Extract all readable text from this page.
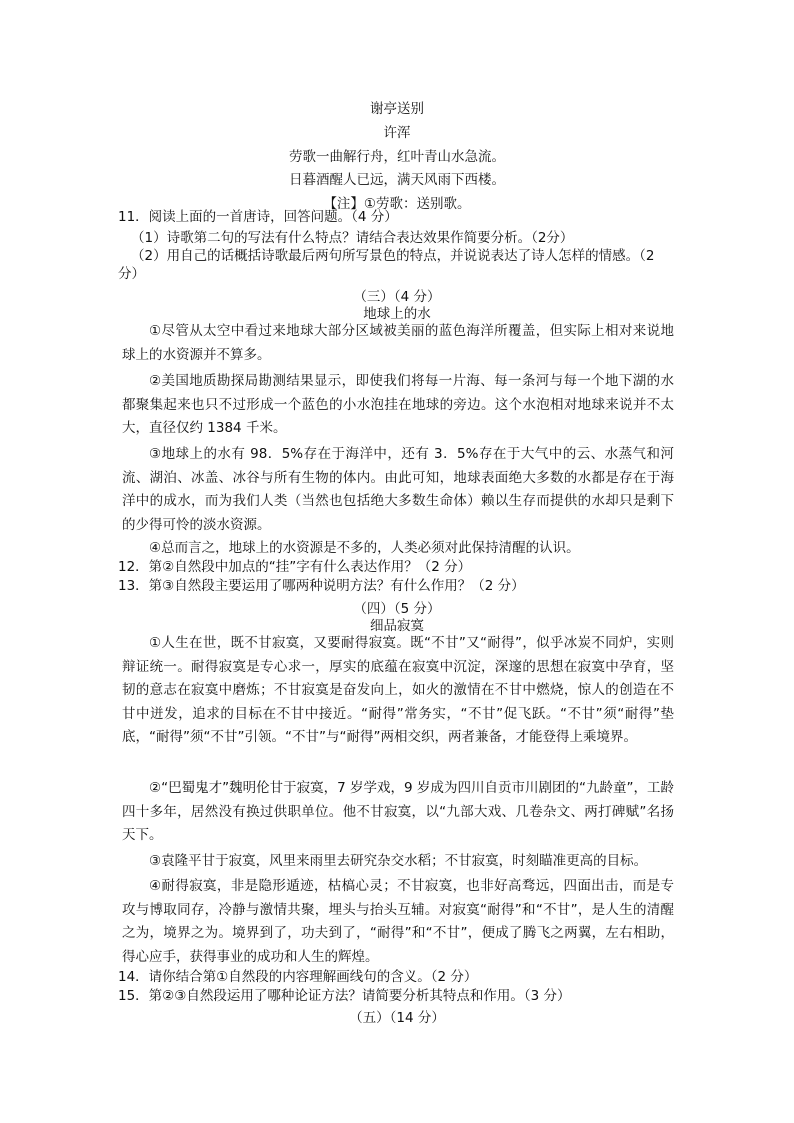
谢亭送别
许浑
劳歌一曲解行舟，红叶青山水急流。
日暮酒醒人已远，满天风雨下西楼。
【注】①劳歌：送别歌。
11．阅读上面的一首唐诗，回答问题。（4 分）
（1）诗歌第二句的写法有什么特点？请结合表达效果作简要分析。（2分）
（2）用自己的话概括诗歌最后两句所写景色的特点，并说说表达了诗人怎样的情感。（2
分）
（三）（4 分）
地球上的水
①尽管从太空中看过来地球大部分区域被美丽的蓝色海洋所覆盖，但实际上相对来说地球上的水资源并不算多。
②美国地质勘探局勘测结果显示，即使我们将每一片海、每一条河与每一个地下湖的水都聚集起来也只不过形成一个蓝色的小水泡挂在地球的旁边。这个水泡相对地球来说并不太大，直径仅约 1384 千米。
③地球上的水有 98．5%存在于海洋中，还有 3．5%存在于大气中的云、水蒸气和河流、湖泊、冰盖、冰谷与所有生物的体内。由此可知，地球表面绝大多数的水都是存在于海洋中的成水，而为我们人类（当然也包括绝大多数生命体）赖以生存而提供的水却只是剩下的少得可怜的淡水资源。
④总而言之，地球上的水资源是不多的，人类必须对此保持清醒的认识。
12．第②自然段中加点的“挂”字有什么表达作用？（2 分）
13．第③自然段主要运用了哪两种说明方法？有什么作用？（2 分）
（四）（5 分）
细品寂寞
①人生在世，既不甘寂寞，又要耐得寂寞。既“不甘”又“耐得”，似乎冰炭不同炉，实则辩证统一。耐得寂寞是专心求一，厚实的底蕴在寂寞中沉淀，深邃的思想在寂寞中孕育，坚韧的意志在寂寞中磨炼；不甘寂寞是奋发向上，如火的激情在不甘中燃烧，惊人的创造在不甘中迸发，追求的目标在不甘中接近。“耐得”常务实，“不甘”促飞跃。“不甘”须“耐得”垫底，“耐得”须“不甘”引领。“不甘”与“耐得”两相交织，两者兼备，才能登得上乘境界。
②“巴蜀鬼才”魏明伦甘于寂寞，7 岁学戏，9 岁成为四川自贡市川剧团的“九龄童”，工龄四十多年，居然没有换过供职单位。他不甘寂寞，以“九部大戏、几卷杂文、两打碑赋”名扬天下。
③袁隆平甘于寂寞，风里来雨里去研究杂交水稻；不甘寂寞，时刻瞄准更高的目标。
④耐得寂寞，非是隐形遁迹，枯槁心灵；不甘寂寞，也非好高骛远，四面出击，而是专攻与博取同存，冷静与激情共聚，埋头与抬头互辅。对寂寞“耐得”和“不甘”，是人生的清醒之为，境界之为。境界到了，功夫到了，“耐得”和“不甘”，便成了腾飞之两翼，左右相助，得心应手，获得事业的成功和人生的辉煌。
14．请你结合第①自然段的内容理解画线句的含义。（2 分）
15．第②③自然段运用了哪种论证方法？请简要分析其特点和作用。（3 分）
（五）（14 分）
